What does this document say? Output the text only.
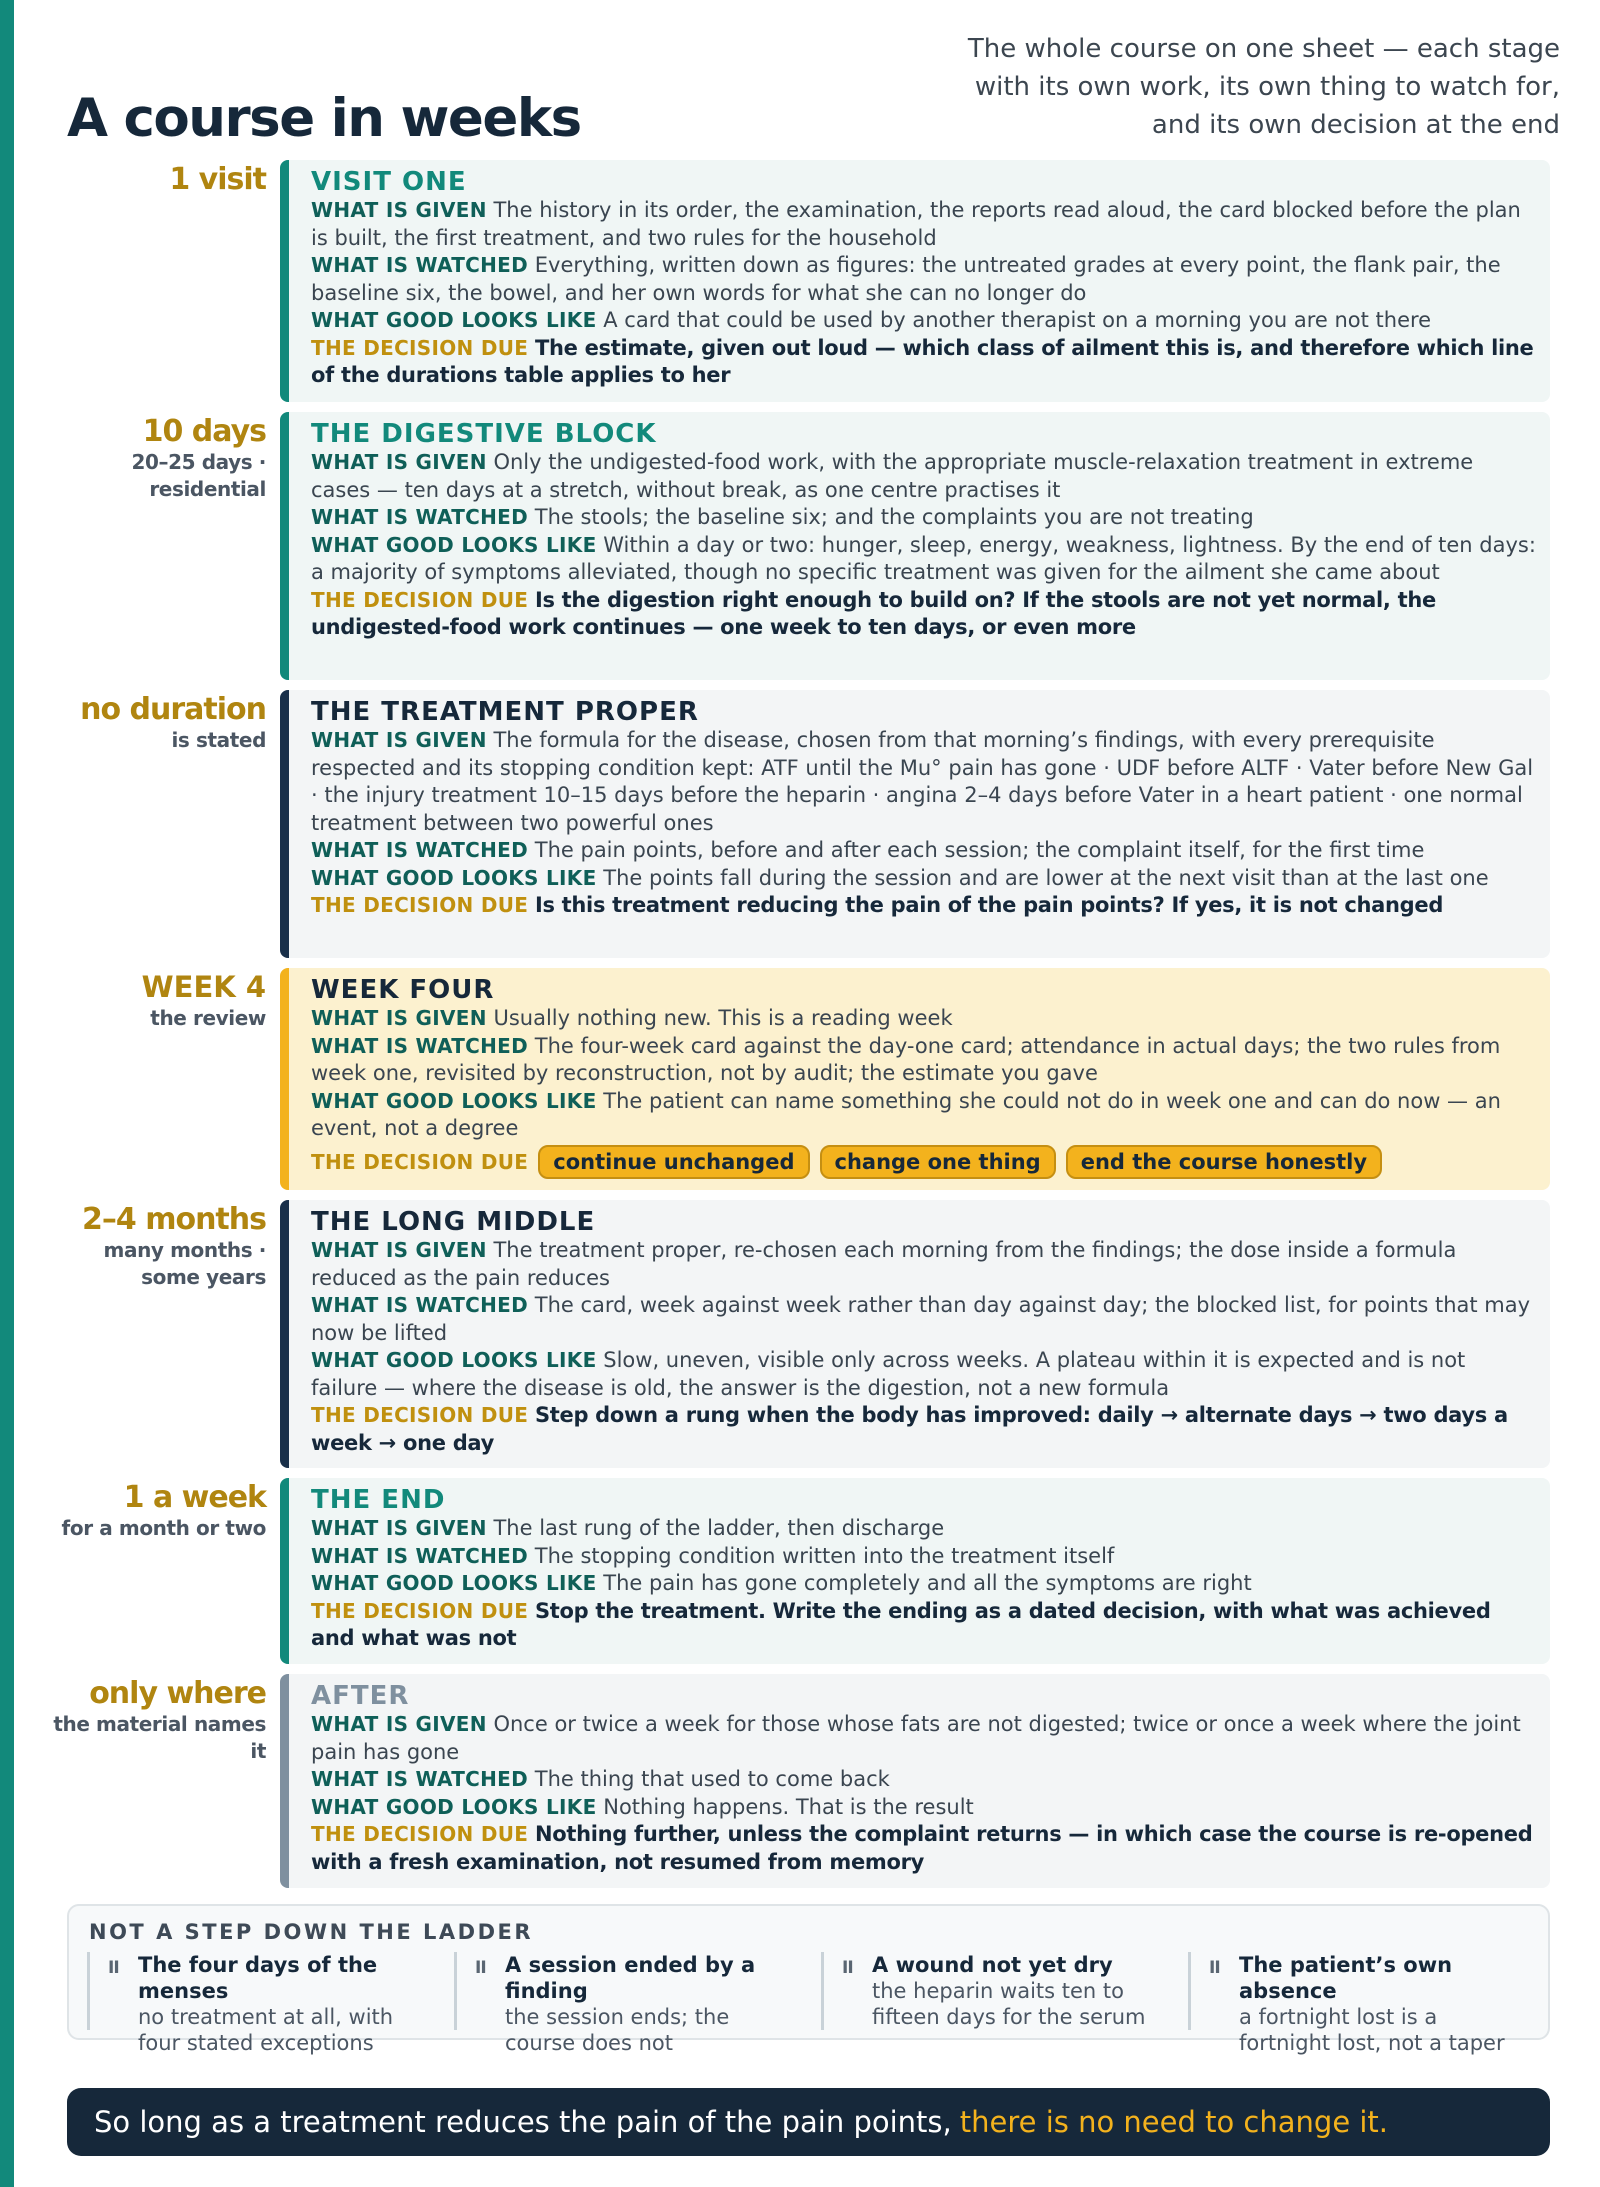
A course in weeks

The whole course on one sheet — each stage with its own work, its own thing to watch for, and its own decision at the end

1 visit VISIT ONE
WHAT IS GIVEN The history in its order, the examination, the reports read aloud, the card blocked before the plan is built, the first treatment, and two rules for the household
WHAT IS WATCHED Everything, written down as figures: the untreated grades at every point, the flank pair, the baseline six, the bowel, and her own words for what she can no longer do
WHAT GOOD LOOKS LIKE A card that could be used by another therapist on a morning you are not there
THE DECISION DUE The estimate, given out loud — which class of ailment this is, and therefore which line of the durations table applies to her
10 days
20–25 days · residential
THE DIGESTIVE BLOCK
WHAT IS GIVEN Only the undigested-food work, with the appropriate muscle-relaxation treatment in extreme cases — ten days at a stretch, without break, as one centre practises it
WHAT IS WATCHED The stools; the baseline six; and the complaints you are not treating
WHAT GOOD LOOKS LIKE Within a day or two: hunger, sleep, energy, weakness, lightness. By the end of ten days: a majority of symptoms alleviated, though no specific treatment was given for the ailment she came about
THE DECISION DUE Is the digestion right enough to build on? If the stools are not yet normal, the undigested-food work continues — one week to ten days, or even more
no duration
is stated
THE TREATMENT PROPER
WHAT IS GIVEN The formula for the disease, chosen from that morning’s findings, with every prerequisite respected and its stopping condition kept: ATF until the Mu° pain has gone · UDF before ALTF · Vater before New Gal · the injury treatment 10–15 days before the heparin · angina 2–4 days before Vater in a heart patient · one normal treatment between two powerful ones
WHAT IS WATCHED The pain points, before and after each session; the complaint itself, for the first time
WHAT GOOD LOOKS LIKE The points fall during the session and are lower at the next visit than at the last one
THE DECISION DUE Is this treatment reducing the pain of the pain points? If yes, it is not changed
WEEK 4
the review
WEEK FOUR
WHAT IS GIVEN Usually nothing new. This is a reading week
WHAT IS WATCHED The four-week card against the day-one card; attendance in actual days; the two rules from week one, revisited by reconstruction, not by audit; the estimate you gave
WHAT GOOD LOOKS LIKE The patient can name something she could not do in week one and can do now — an event, not a degree
THE DECISION DUE continue unchanged change one thing end the course honestly
2–4 months
many months · some years
THE LONG MIDDLE
WHAT IS GIVEN The treatment proper, re-chosen each morning from the findings; the dose inside a formula reduced as the pain reduces
WHAT IS WATCHED The card, week against week rather than day against day; the blocked list, for points that may now be lifted
WHAT GOOD LOOKS LIKE Slow, uneven, visible only across weeks. A plateau within it is expected and is not failure — where the disease is old, the answer is the digestion, not a new formula
THE DECISION DUE Step down a rung when the body has improved: daily → alternate days → two days a week → one day
1 a week
for a month or two
THE END
WHAT IS GIVEN The last rung of the ladder, then discharge
WHAT IS WATCHED The stopping condition written into the treatment itself
WHAT GOOD LOOKS LIKE The pain has gone completely and all the symptoms are right
THE DECISION DUE Stop the treatment. Write the ending as a dated decision, with what was achieved and what was not
only where
the material names it
AFTER
WHAT IS GIVEN Once or twice a week for those whose fats are not digested; twice or once a week where the joint pain has gone
WHAT IS WATCHED The thing that used to come back
WHAT GOOD LOOKS LIKE Nothing happens. That is the result
THE DECISION DUE Nothing further, unless the complaint returns — in which case the course is re-opened with a fresh examination, not resumed from memory
NOT A STEP DOWN THE LADDER
II The four days of the menses
no treatment at all, with four stated exceptions
II A session ended by a finding
the session ends; the course does not
II A wound not yet dry
the heparin waits ten to fifteen days for the serum
II The patient’s own absence
a fortnight lost is a fortnight lost, not a taper
So long as a treatment reduces the pain of the pain points, there is no need to change it.
